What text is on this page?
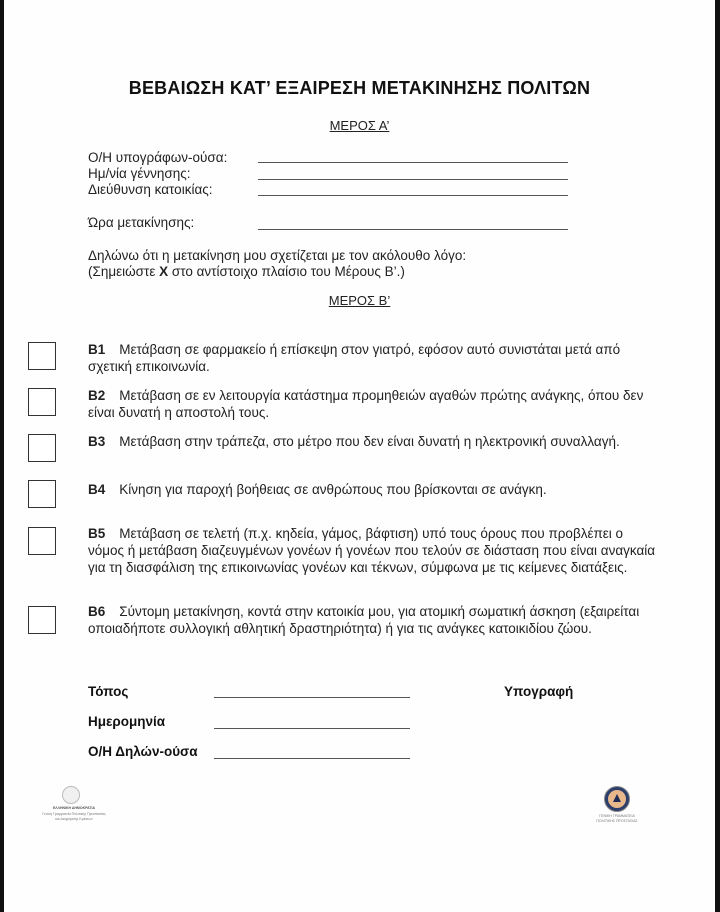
ΒΕΒΑΙΩΣΗ ΚΑΤ’ ΕΞΑΙΡΕΣΗ ΜΕΤΑΚΙΝΗΣΗΣ ΠΟΛΙΤΩΝ
ΜΕΡΟΣ Α’
Ο/Η υπογράφων-ούσα:
Ημ/νία γέννησης:
Διεύθυνση κατοικίας:
Ώρα μετακίνησης:
Δηλώνω ότι η μετακίνηση μου σχετίζεται με τον ακόλουθο λόγο:
(Σημειώστε X στο αντίστοιχο πλαίσιο του Μέρους Β’.)
ΜΕΡΟΣ Β’
B1 Μετάβαση σε φαρμακείο ή επίσκεψη στον γιατρό, εφόσον αυτό συνιστάται μετά από σχετική επικοινωνία.
B2 Μετάβαση σε εν λειτουργία κατάστημα προμηθειών αγαθών πρώτης ανάγκης, όπου δεν είναι δυνατή η αποστολή τους.
B3 Μετάβαση στην τράπεζα, στο μέτρο που δεν είναι δυνατή η ηλεκτρονική συναλλαγή.
B4 Κίνηση για παροχή βοήθειας σε ανθρώπους που βρίσκονται σε ανάγκη.
B5 Μετάβαση σε τελετή (π.χ. κηδεία, γάμος, βάφτιση) υπό τους όρους που προβλέπει ο νόμος ή μετάβαση διαζευγμένων γονέων ή γονέων που τελούν σε διάσταση που είναι αναγκαία για τη διασφάλιση της επικοινωνίας γονέων και τέκνων, σύμφωνα με τις κείμενες διατάξεις.
B6 Σύντομη μετακίνηση, κοντά στην κατοικία μου, για ατομική σωματική άσκηση (εξαιρείται οποιαδήποτε συλλογική αθλητική δραστηριότητα) ή για τις ανάγκες κατοικιδίου ζώου.
Τόπος	Υπογραφή
Ημερομηνία
Ο/Η Δηλών-ούσα
ΕΛΛΗΝΙΚΗ ΔΗΜΟΚΡΑΤΙΑ
Γενική Γραμματεία Πολιτικής Προστασίας
και Διαχείρισης Κρίσεων
ΓΕΝΙΚΗ ΓΡΑΜΜΑΤΕΙΑ
ΠΟΛΙΤΙΚΗΣ ΠΡΟΣΤΑΣΙΑΣ
